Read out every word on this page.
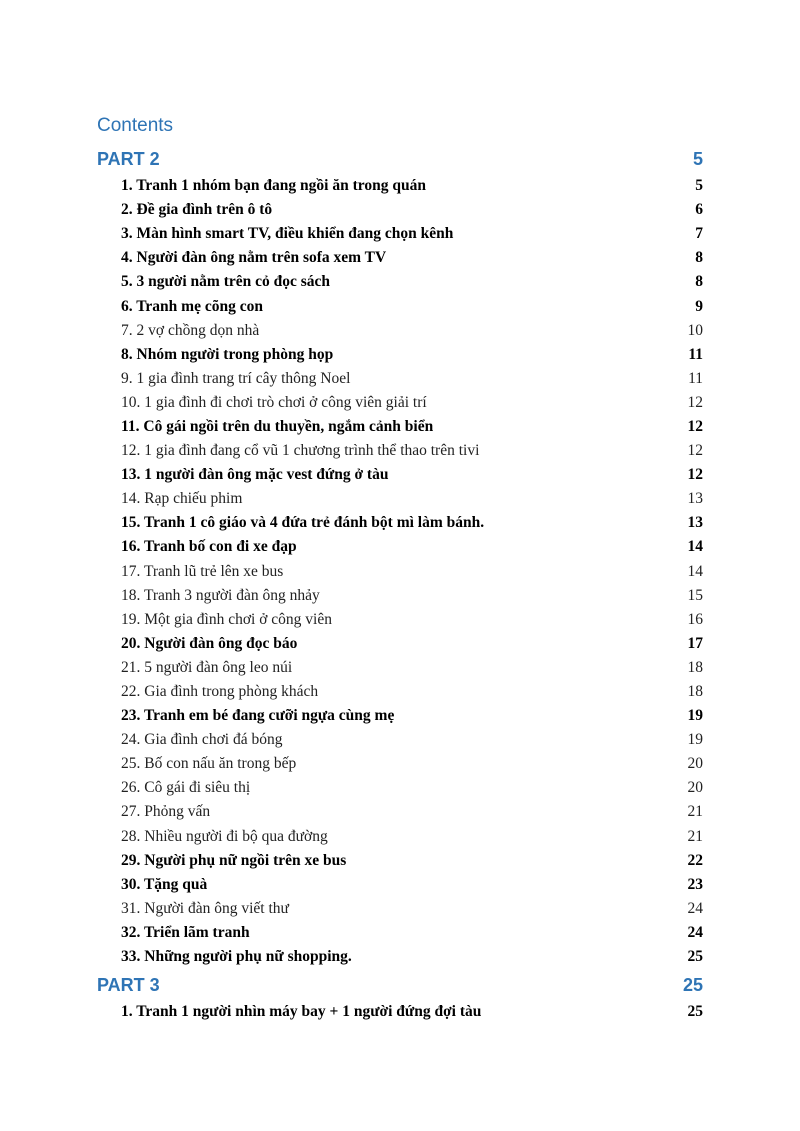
Contents
PART 2	5
1. Tranh 1 nhóm bạn đang ngồi ăn trong quán	5
2. Đề gia đình trên ô tô	6
3. Màn hình smart TV, điều khiển đang chọn kênh	7
4. Người đàn ông nằm trên sofa xem TV	8
5. 3 người nằm trên cỏ đọc sách	8
6. Tranh mẹ cõng con	9
7. 2 vợ chồng dọn nhà	10
8. Nhóm người trong phòng họp	11
9. 1 gia đình trang trí cây thông Noel	11
10. 1 gia đình đi chơi trò chơi ở công viên giải trí	12
11. Cô gái ngồi trên du thuyền, ngắm cảnh biển	12
12. 1 gia đình đang cổ vũ 1 chương trình thể thao trên tivi	12
13. 1 người đàn ông mặc vest đứng ở tàu	12
14. Rạp chiếu phim	13
15. Tranh 1 cô giáo và 4 đứa trẻ đánh bột mì làm bánh.	13
16. Tranh bố con đi xe đạp	14
17. Tranh lũ trẻ lên xe bus	14
18. Tranh 3 người đàn ông nhảy	15
19. Một gia đình chơi ở công viên	16
20. Người đàn ông đọc báo	17
21. 5 người đàn ông leo núi	18
22. Gia đình trong phòng khách	18
23. Tranh em bé đang cưỡi ngựa cùng mẹ	19
24. Gia đình chơi đá bóng	19
25. Bố con nấu ăn trong bếp	20
26. Cô gái đi siêu thị	20
27. Phỏng vấn	21
28. Nhiều người đi bộ qua đường	21
29. Người phụ nữ ngồi trên xe bus	22
30. Tặng quà	23
31. Người đàn ông viết thư	24
32. Triển lãm tranh	24
33. Những người phụ nữ shopping.	25
PART 3	25
1. Tranh 1 người nhìn máy bay + 1 người đứng đợi tàu	25
